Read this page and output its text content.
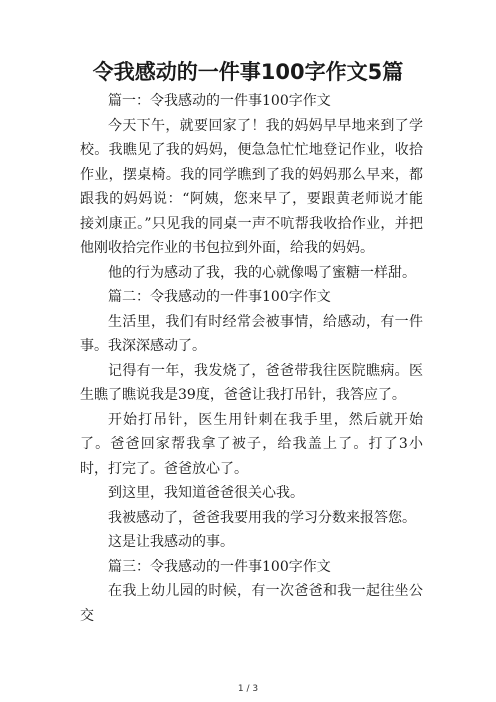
令我感动的一件事100字作文5篇

篇一：令我感动的一件事100字作文

今天下午，就要回家了！我的妈妈早早地来到了学校。我瞧见了我的妈妈，便急急忙忙地登记作业，收拾作业，摆桌椅。我的同学瞧到了我的妈妈那么早来，都跟我的妈妈说：“阿姨，您来早了，要跟黄老师说才能接刘康正。”只见我的同桌一声不吭帮我收拾作业，并把他刚收拾完作业的书包拉到外面，给我的妈妈。

他的行为感动了我，我的心就像喝了蜜糖一样甜。

篇二：令我感动的一件事100字作文

生活里，我们有时经常会被事情，给感动，有一件事。我深深感动了。

记得有一年，我发烧了，爸爸带我往医院瞧病。医生瞧了瞧说我是39度，爸爸让我打吊针，我答应了。

开始打吊针，医生用针刺在我手里，然后就开始了。爸爸回家帮我拿了被子，给我盖上了。打了3小时，打完了。爸爸放心了。

到这里，我知道爸爸很关心我。

我被感动了，爸爸我要用我的学习分数来报答您。

这是让我感动的事。

篇三：令我感动的一件事100字作文

在我上幼儿园的时候，有一次爸爸和我一起往坐公交

1 / 3
